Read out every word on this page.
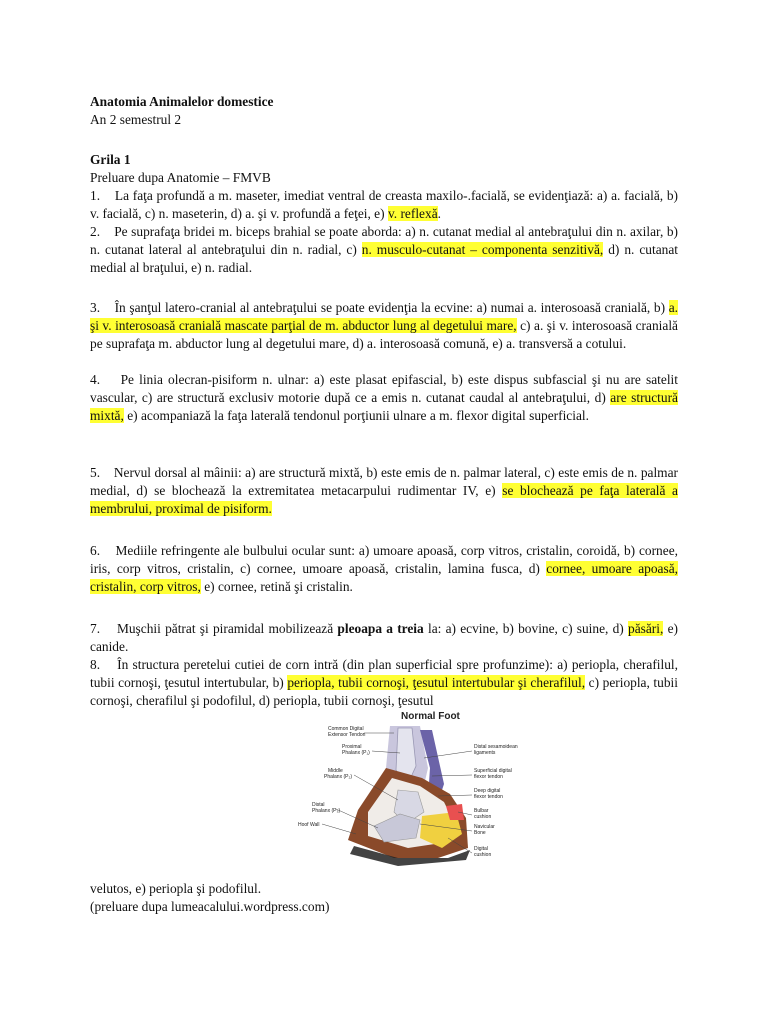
Anatomia Animalelor domestice
An 2 semestrul 2
Grila 1
Preluare dupa Anatomie – FMVB
1.    La faţa profundă a m. maseter, imediat ventral de creasta maxilo-.facială, se evidenţiază: a) a. facială, b) v. facială, c) n. maseterin, d) a. şi v. profundă a feţei, e) v. reflexă.
2.    Pe suprafaţa bridei m. biceps brahial se poate aborda: a) n. cutanat medial al antebraţului din n. axilar, b) n. cutanat lateral al antebraţului din n. radial, c) n. musculo-cutanat – componenta senzitivă, d) n. cutanat medial al braţului, e) n. radial.
3.    În şanţul latero-cranial al antebraţului se poate evidenţia la ecvine: a) numai a. interosoasă cranială, b) a. şi v. interosoasă cranială mascate parţial de m. abductor lung al degetului mare, c) a. şi v. interosoasă cranială pe suprafaţa m. abductor lung al degetului mare, d) a. interosoasă comună, e) a. transversă a cotului.
4.    Pe linia olecran-pisiform n. ulnar: a) este plasat epifascial, b) este dispus subfascial şi nu are satelit vascular, c) are structură exclusiv motorie după ce a emis n. cutanat caudal al antebraţului, d) are structură mixtă, e) acompaniază la faţa laterală tendonul porţiunii ulnare a m. flexor digital superficial.
5.    Nervul dorsal al mâinii: a) are structură mixtă, b) este emis de n. palmar lateral, c) este emis de n. palmar medial, d) se blochează la extremitatea metacarpului rudimentar IV, e) se blochează pe faţa laterală a membrului, proximal de pisiform.
6.    Mediile refringente ale bulbului ocular sunt: a) umoare apoasă, corp vitros, cristalin, coroidă, b) cornee, iris, corp vitros, cristalin, c) cornee, umoare apoasă, cristalin, lamina fusca, d) cornee, umoare apoasă, cristalin, corp vitros, e) cornee, retină şi cristalin.
7.    Muşchii pătrat şi piramidal mobilizează pleoapa a treia la: a) ecvine, b) bovine, c) suine, d) păsări, e) canide.
8.    În structura peretelui cutiei de corn intră (din plan superficial spre profunzime): a) periopla, cherafilul, tubii cornoşi, ţesutul intertubular, b) periopla, tubii cornoşi, ţesutul intertubular şi cherafilul, c) periopla, tubii cornoşi, cherafilul şi podofilul, d) periopla, tubii cornoşi, ţesutul
Normal Foot
Common Digital
Extensor Tendon
Proximal
Phalanx (P₁)
Middle
Phalanx (P₂)
Distal
Phalanx (P₃)
Hoof Wall
Distal sesamoidean
ligaments
Superficial digital
flexor tendon
Deep digital
flexor tendon
Bulbar
cushion
Navicular
Bone
Digital
cushion
velutos, e) periopla şi podofilul.
(preluare dupa lumeacalului.wordpress.com)
